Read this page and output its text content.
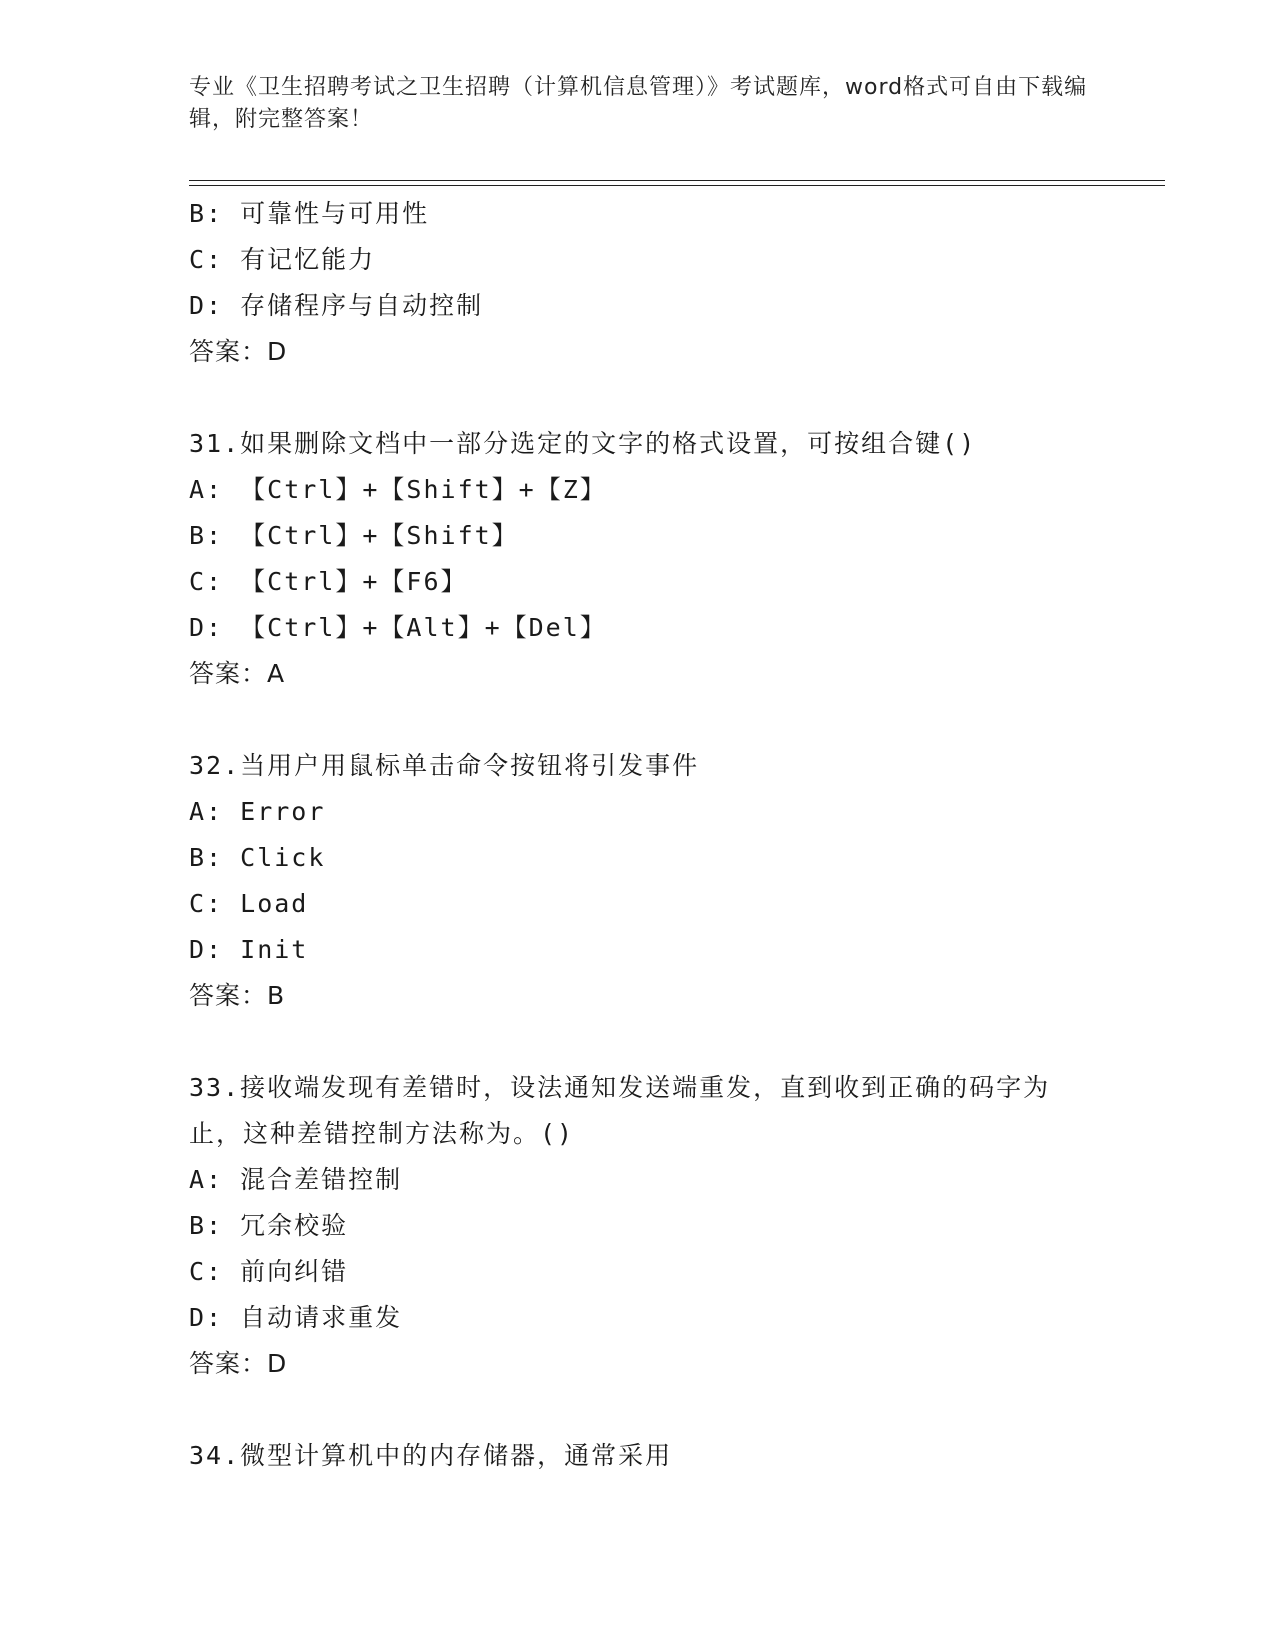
专业《卫生招聘考试之卫生招聘（计算机信息管理）》考试题库，word格式可自由下载编辑，附完整答案！
B: 可靠性与可用性
C: 有记忆能力
D: 存储程序与自动控制
答案：D
31.如果删除文档中一部分选定的文字的格式设置，可按组合键()
A: 【Ctrl】+【Shift】+【Z】
B: 【Ctrl】+【Shift】
C: 【Ctrl】+【F6】
D: 【Ctrl】+【Alt】+【Del】
答案：A
32.当用户用鼠标单击命令按钮将引发事件
A: Error
B: Click
C: Load
D: Init
答案：B
33.接收端发现有差错时，设法通知发送端重发，直到收到正确的码字为止，这种差错控制方法称为。()
A: 混合差错控制
B: 冗余校验
C: 前向纠错
D: 自动请求重发
答案：D
34.微型计算机中的内存储器，通常采用
